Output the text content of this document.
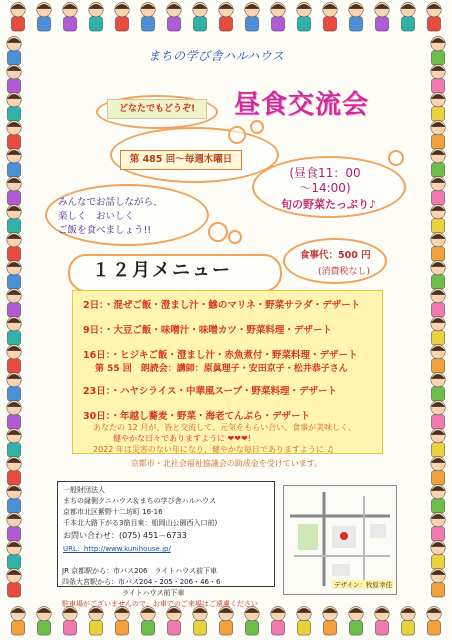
まちの学び舎ハルハウス
どなたでもどうぞ!	昼食交流会
第 485 回〜毎週木曜日
(昼食11：00
〜14:00)
旬の野菜たっぷり♪
みんなでお話しながら、
楽しく　おいしく
ご飯を食べましょう!!
食事代：500 円
(消費税なし)
１２月メニュー
2日：・混ぜご飯・澄まし汁・鰺のマリネ・野菜サラダ・デザート
9日：・大豆ご飯・味噌汁・味噌カツ・野菜料理・デザート
16日：・ヒジキご飯・澄まし汁・赤魚煮付・野菜料理・デザート
第 55 回　朗読会：講師：原眞理子・安田京子・松井恭子さん
23日：・ハヤシライス・中華風スープ・野菜料理・デザート
30日：・年越し蕎麦・野菜・海老てんぷら・デザート
あなたの 12 月が、皆と交流して、元気をもらい合い、食事が美味しく、
健やかな日々でありますように ❤❤❤!
2022 年は災害のない年になり、健やかな毎日でありますように ♫
京都市・北社会福祉協議会の助成金を受けています。
一般財団法人
まちの縁側クニハウス＆まちの学び舎ハルハウス
京都市北区紫野十二坊町 16-16
千本北大路下がる3筋目東：船岡山公園西入口前)
お問い合わせ：(075) 451－6733
URL：http://www.kunihouse.jp/
JR 京都駅から：市バス206　ライトハウス前下車
四条大宮駅から：市バス204・205・206・46・6
ライトハウス前下車
駐車場がございませんので、お車でのご来場はご遠慮ください
デザイン：牧原幸佳
